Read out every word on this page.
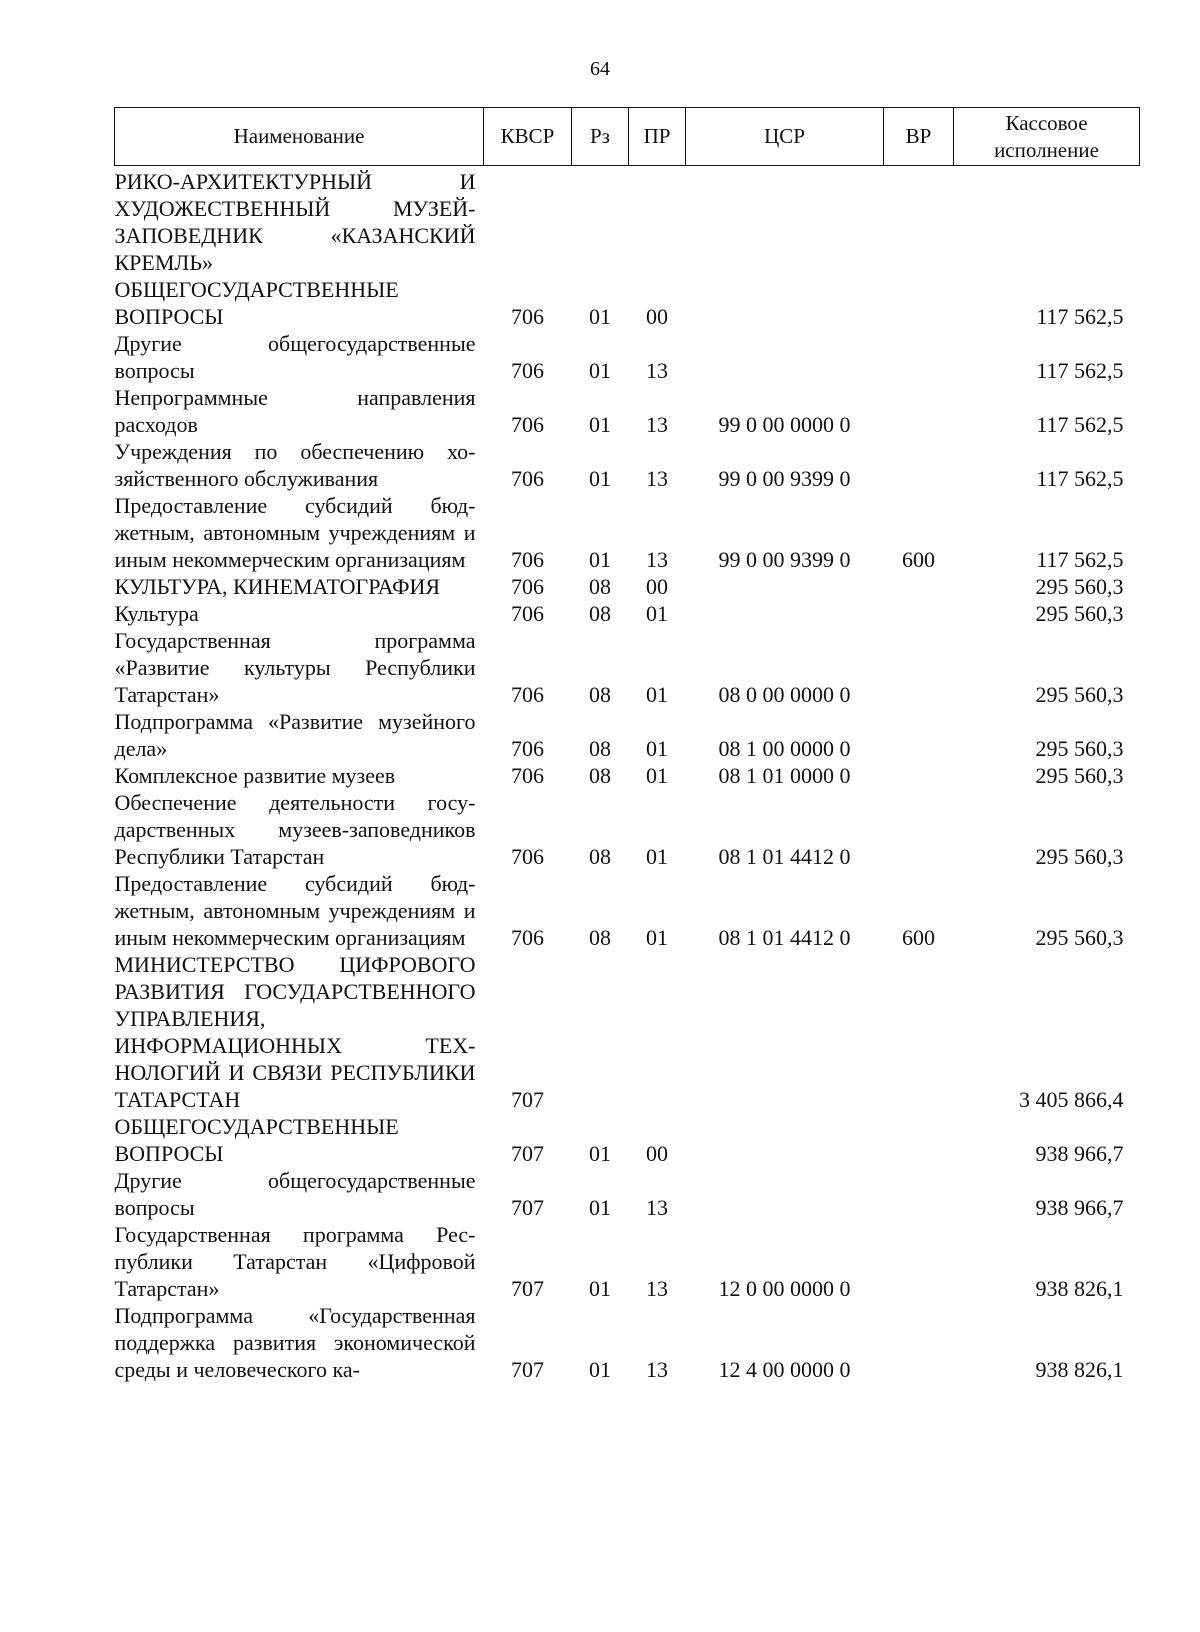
64
Наименование	КВСР	Рз	ПР	ЦСР	ВР	Кассовое исполнение
РИКО-АРХИТЕКТУРНЫЙ И ХУДОЖЕСТВЕННЫЙ МУЗЕЙ-ЗАПОВЕДНИК «КАЗАНСКИЙ КРЕМЛЬ»						
ОБЩЕГОСУДАРСТВЕННЫЕ ВОПРОСЫ	706	01	00			117 562,5
Другие общегосударственные вопросы	706	01	13			117 562,5
Непрограммные направления расходов	706	01	13	99 0 00 0000 0		117 562,5
Учреждения по обеспечению хозяйственного обслуживания	706	01	13	99 0 00 9399 0		117 562,5
Предоставление субсидий бюджетным, автономным учреждениям и иным некоммерческим организациям	706	01	13	99 0 00 9399 0	600	117 562,5
КУЛЬТУРА, КИНЕМАТОГРАФИЯ	706	08	00			295 560,3
Культура	706	08	01			295 560,3
Государственная программа «Развитие культуры Республики Татарстан»	706	08	01	08 0 00 0000 0		295 560,3
Подпрограмма «Развитие музейного дела»	706	08	01	08 1 00 0000 0		295 560,3
Комплексное развитие музеев	706	08	01	08 1 01 0000 0		295 560,3
Обеспечение деятельности государственных музеев-заповедников Республики Татарстан	706	08	01	08 1 01 4412 0		295 560,3
Предоставление субсидий бюджетным, автономным учреждениям и иным некоммерческим организациям	706	08	01	08 1 01 4412 0	600	295 560,3
МИНИСТЕРСТВО ЦИФРОВОГО РАЗВИТИЯ ГОСУДАРСТВЕННОГО УПРАВЛЕНИЯ, ИНФОРМАЦИОННЫХ ТЕХНОЛОГИЙ И СВЯЗИ РЕСПУБЛИКИ ТАТАРСТАН	707					3 405 866,4
ОБЩЕГОСУДАРСТВЕННЫЕ ВОПРОСЫ	707	01	00			938 966,7
Другие общегосударственные вопросы	707	01	13			938 966,7
Государственная программа Республики Татарстан «Цифровой Татарстан»	707	01	13	12 0 00 0000 0		938 826,1
Подпрограмма «Государственная поддержка развития экономической среды и человеческого ка-	707	01	13	12 4 00 0000 0		938 826,1
